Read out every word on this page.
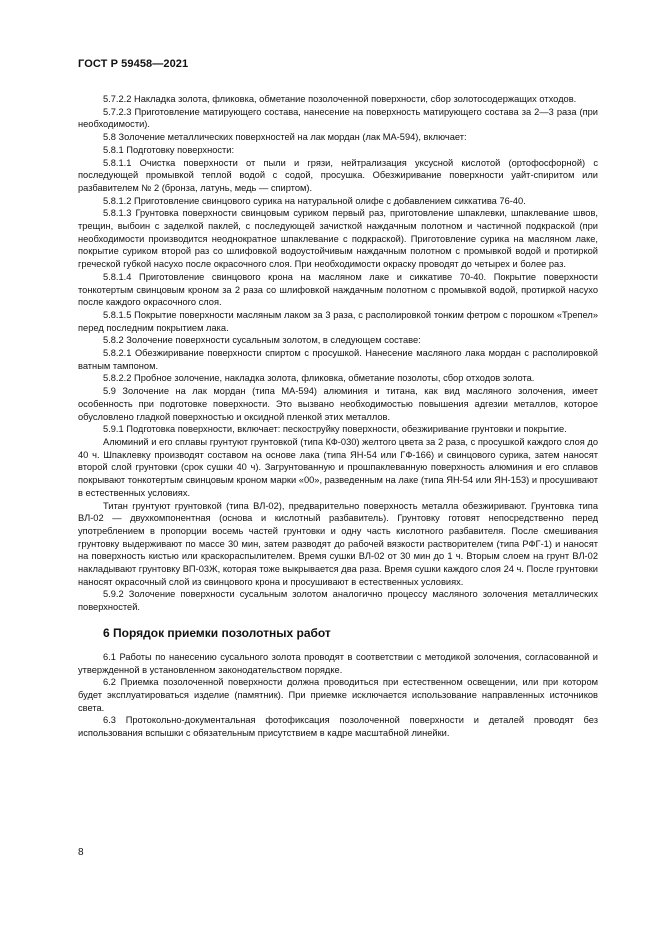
ГОСТ Р 59458—2021

5.7.2.2 Накладка золота, фликовка, обметание позолоченной поверхности, сбор золотосодержащих отходов.

5.7.2.3 Приготовление матирующего состава, нанесение на поверхность матирующего состава за 2—3 раза (при необходимости).

5.8 Золочение металлических поверхностей на лак мордан (лак МА-594), включает:

5.8.1 Подготовку поверхности:

5.8.1.1 Очистка поверхности от пыли и грязи, нейтрализация уксусной кислотой (ортофосфорной) с последующей промывкой теплой водой с содой, просушка. Обезжиривание поверхности уайт-спиритом или разбавителем № 2 (бронза, латунь, медь — спиртом).

5.8.1.2 Приготовление свинцового сурика на натуральной олифе с добавлением сиккатива 76-40.

5.8.1.3 Грунтовка поверхности свинцовым суриком первый раз, приготовление шпаклевки, шпаклевание швов, трещин, выбоин с заделкой паклей, с последующей зачисткой наждачным полотном и частичной подкраской (при необходимости производится неоднократное шпаклевание с подкраской). Приготовление сурика на масляном лаке, покрытие суриком второй раз со шлифовкой водоустойчивым наждачным полотном с промывкой водой и протиркой греческой губкой насухо после окрасочного слоя. При необходимости окраску проводят до четырех и более раз.

5.8.1.4 Приготовление свинцового крона на масляном лаке и сиккативе 70-40. Покрытие поверхности тонкотертым свинцовым кроном за 2 раза со шлифовкой наждачным полотном с промывкой водой, протиркой насухо после каждого окрасочного слоя.

5.8.1.5 Покрытие поверхности масляным лаком за 3 раза, с располировкой тонким фетром с порошком «Трепел» перед последним покрытием лака.

5.8.2 Золочение поверхности сусальным золотом, в следующем составе:

5.8.2.1 Обезжиривание поверхности спиртом с просушкой. Нанесение масляного лака мордан с располировкой ватным тампоном.

5.8.2.2 Пробное золочение, накладка золота, фликовка, обметание позолоты, сбор отходов золота.

5.9 Золочение на лак мордан (типа МА-594) алюминия и титана, как вид масляного золочения, имеет особенность при подготовке поверхности. Это вызвано необходимостью повышения адгезии металлов, которое обусловлено гладкой поверхностью и оксидной пленкой этих металлов.

5.9.1 Подготовка поверхности, включает: пескоструйку поверхности, обезжиривание грунтовки и покрытие.

Алюминий и его сплавы грунтуют грунтовкой (типа КФ-030) желтого цвета за 2 раза, с просушкой каждого слоя до 40 ч. Шпаклевку производят составом на основе лака (типа ЯН-54 или ГФ-166) и свинцового сурика, затем наносят второй слой грунтовки (срок сушки 40 ч). Загрунтованную и прошпаклеванную поверхность алюминия и его сплавов покрывают тонкотертым свинцовым кроном марки «00», разведенным на лаке (типа ЯН-54 или ЯН-153) и просушивают в естественных условиях.

Титан грунтуют грунтовкой (типа ВЛ-02), предварительно поверхность металла обезжиривают. Грунтовка типа ВЛ-02 — двухкомпонентная (основа и кислотный разбавитель). Грунтовку готовят непосредственно перед употреблением в пропорции восемь частей грунтовки и одну часть кислотного разбавителя. После смешивания грунтовку выдерживают по массе 30 мин, затем разводят до рабочей вязкости растворителем (типа РФГ-1) и наносят на поверхность кистью или краскораспылителем. Время сушки ВЛ-02 от 30 мин до 1 ч. Вторым слоем на грунт ВЛ-02 накладывают грунтовку ВП-03Ж, которая тоже выкрывается два раза. Время сушки каждого слоя 24 ч. После грунтовки наносят окрасочный слой из свинцового крона и просушивают в естественных условиях.

5.9.2 Золочение поверхности сусальным золотом аналогично процессу масляного золочения металлических поверхностей.

6 Порядок приемки позолотных работ

6.1 Работы по нанесению сусального золота проводят в соответствии с методикой золочения, согласованной и утвержденной в установленном законодательством порядке.

6.2 Приемка позолоченной поверхности должна проводиться при естественном освещении, или при котором будет эксплуатироваться изделие (памятник). При приемке исключается использование направленных источников света.

6.3 Протокольно-документальная фотофиксация позолоченной поверхности и деталей проводят без использования вспышки с обязательным присутствием в кадре масштабной линейки.

8
